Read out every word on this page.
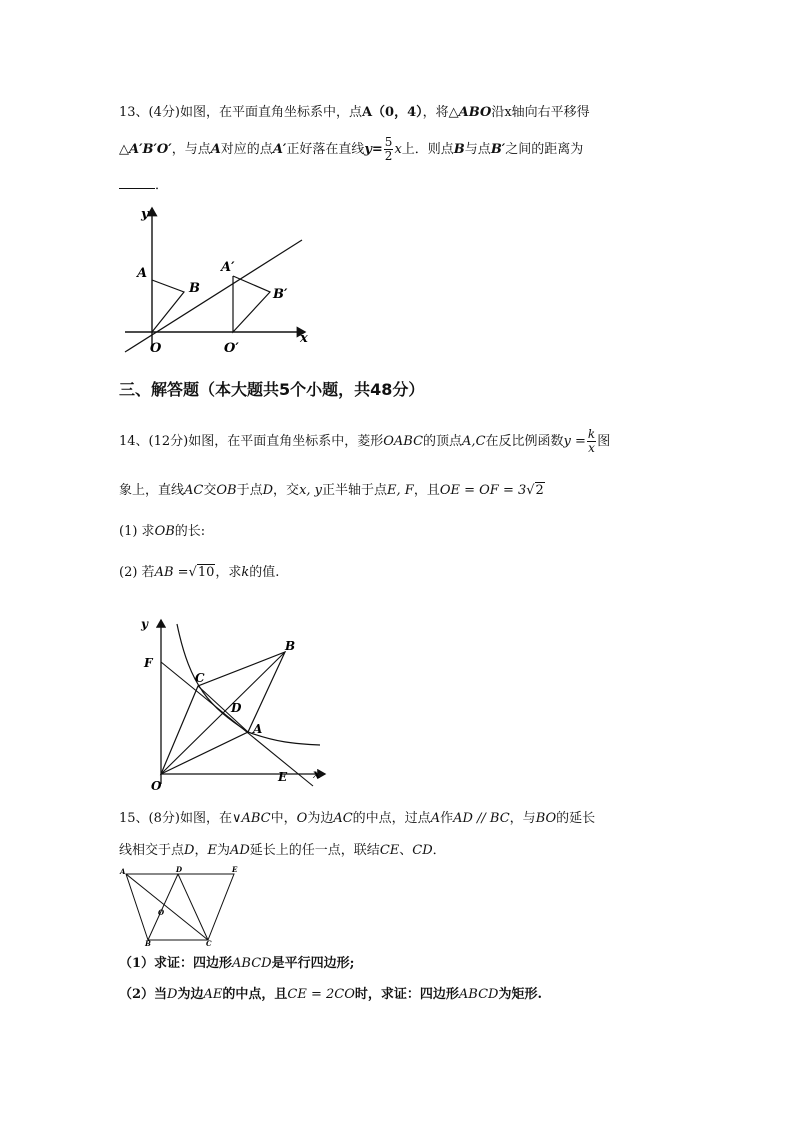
13、(4分)如图，在平面直角坐标系中，点A（0，4），将△ABO沿x轴向右平移得
△A′B′O′，与点A对应的点A′正好落在直线$y= \frac{5}{2}$ x上．则点B与点B′之间的距离为
．
y
x
A
B
A′
B′
O	O′
三、解答题（本大题共5个小题，共48分）
14、(12分)如图，在平面直角坐标系中，菱形OABC的顶点A,C在反比例函数$y = \frac{k}{x}$ 图
象上，直线AC交OB于点D，交x, y正半轴于点E, F，且OE = OF = 3√2
(1) 求OB的长:
(2) 若AB =√10，求k的值.
y
x
F
C
D
A
B
O
E
15、(8分)如图，在∨ABC中，O为边AC的中点，过点A作AD // BC，与BO的延长
线相交于点D，E为AD延长上的任一点，联结CE、CD．
A	D	E
O
B	C
（1）求证：四边形ABCD是平行四边形;
（2）当D为边AE的中点，且CE = 2CO时，求证：四边形ABCD为矩形.
